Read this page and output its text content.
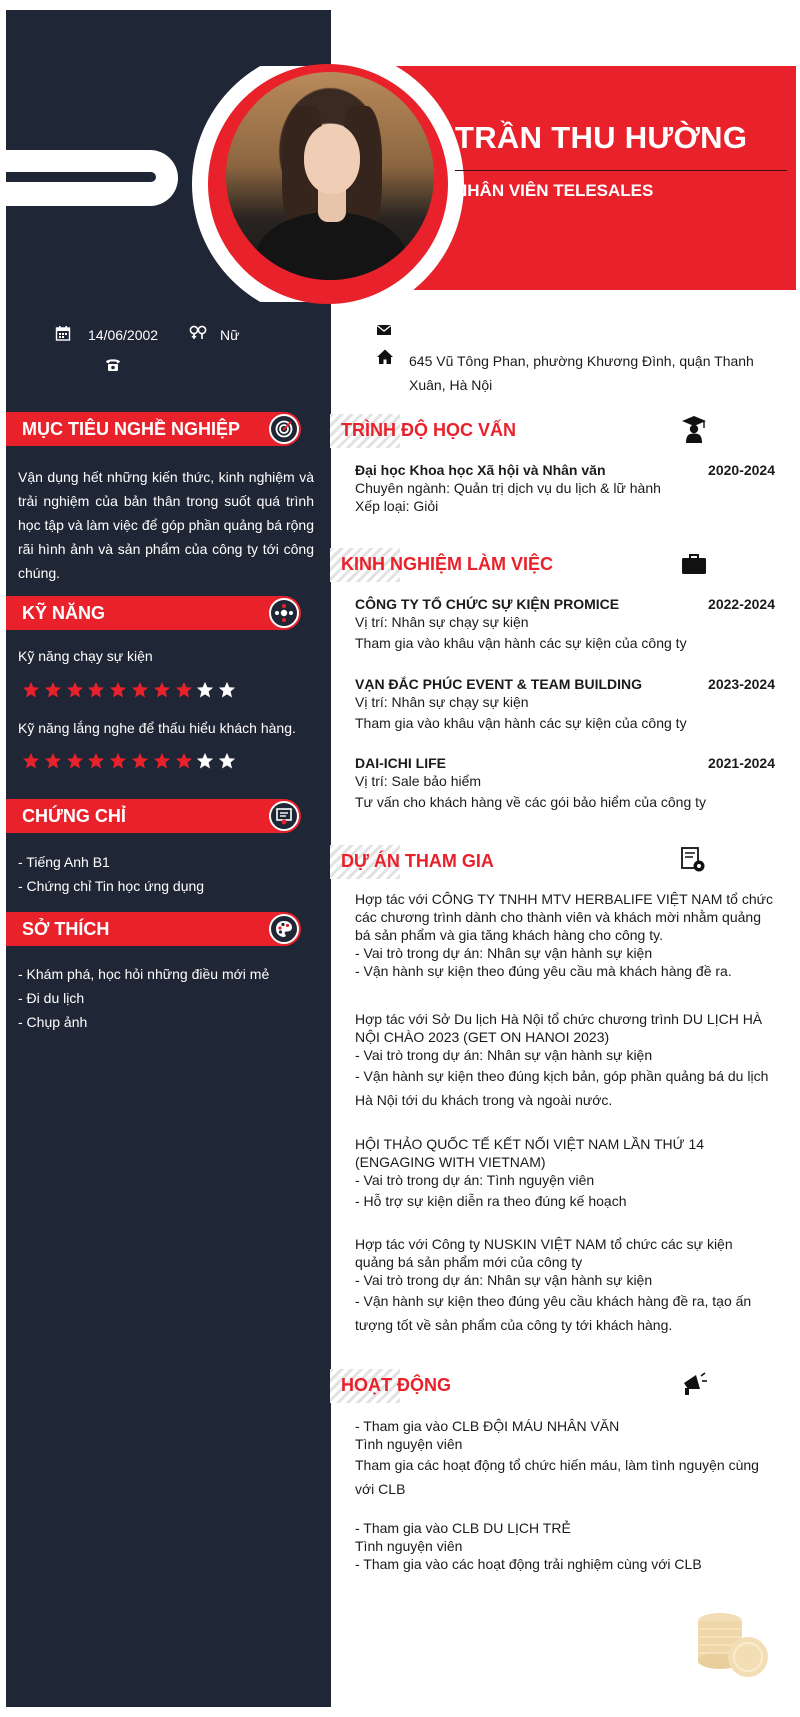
TRẦN THU HƯỜNG
NHÂN VIÊN TELESALES
14/06/2002	Nữ
645 Vũ Tông Phan, phường Khương Đình, quận Thanh Xuân, Hà Nội
MỤC TIÊU NGHỀ NGHIỆP
Vận dụng hết những kiến thức, kinh nghiệm và trải nghiệm của bản thân trong suốt quá trình học tập và làm việc để góp phần quảng bá rộng rãi hình ảnh và sản phẩm của công ty tới công chúng.
KỸ NĂNG
Kỹ năng chạy sự kiện
Kỹ năng lắng nghe để thấu hiểu khách hàng.
CHỨNG CHỈ
- Tiếng Anh B1
- Chứng chỉ Tin học ứng dụng
SỞ THÍCH
- Khám phá, học hỏi những điều mới mẻ
- Đi du lịch
- Chụp ảnh
TRÌNH ĐỘ HỌC VẤN
Đại học Khoa học Xã hội và Nhân văn	2020-2024
Chuyên ngành: Quản trị dịch vụ du lịch & lữ hành
Xếp loại: Giỏi
KINH NGHIỆM LÀM VIỆC
CÔNG TY TỔ CHỨC SỰ KIỆN PROMICE	2022-2024
Vị trí: Nhân sự chạy sự kiện
Tham gia vào khâu vận hành các sự kiện của công ty
VẠN ĐẮC PHÚC EVENT & TEAM BUILDING	2023-2024
Vị trí: Nhân sự chạy sự kiện
Tham gia vào khâu vận hành các sự kiện của công ty
DAI-ICHI LIFE	2021-2024
Vị trí: Sale bảo hiểm
Tư vấn cho khách hàng về các gói bảo hiểm của công ty
DỰ ÁN THAM GIA
Hợp tác với CÔNG TY TNHH MTV HERBALIFE VIỆT NAM tổ chức các chương trình dành cho thành viên và khách mời nhằm quảng bá sản phẩm và gia tăng khách hàng cho công ty.
- Vai trò trong dự án: Nhân sự vận hành sự kiện
- Vận hành sự kiện theo đúng yêu cầu mà khách hàng đề ra.
Hợp tác với Sở Du lịch Hà Nội tổ chức chương trình DU LỊCH HÀ NỘI CHÀO 2023 (GET ON HANOI 2023)
- Vai trò trong dự án: Nhân sự vận hành sự kiện
- Vận hành sự kiện theo đúng kịch bản, góp phần quảng bá du lịch Hà Nội tới du khách trong và ngoài nước.
HỘI THẢO QUỐC TẾ KẾT NỐI VIỆT NAM LẦN THỨ 14 (ENGAGING WITH VIETNAM)
- Vai trò trong dự án: Tình nguyện viên
- Hỗ trợ sự kiện diễn ra theo đúng kế hoạch
Hợp tác với Công ty NUSKIN VIỆT NAM tổ chức các sự kiện quảng bá sản phẩm mới của công ty
- Vai trò trong dự án: Nhân sự vận hành sự kiện
- Vận hành sự kiện theo đúng yêu cầu khách hàng đề ra, tạo ấn tượng tốt về sản phẩm của công ty tới khách hàng.
HOẠT ĐỘNG
- Tham gia vào CLB ĐỘI MÁU NHÂN VĂN
Tình nguyện viên
Tham gia các hoạt động tổ chức hiến máu, làm tình nguyện cùng với CLB
- Tham gia vào CLB DU LỊCH TRẺ
Tình nguyện viên
- Tham gia vào các hoạt động trải nghiệm cùng với CLB
